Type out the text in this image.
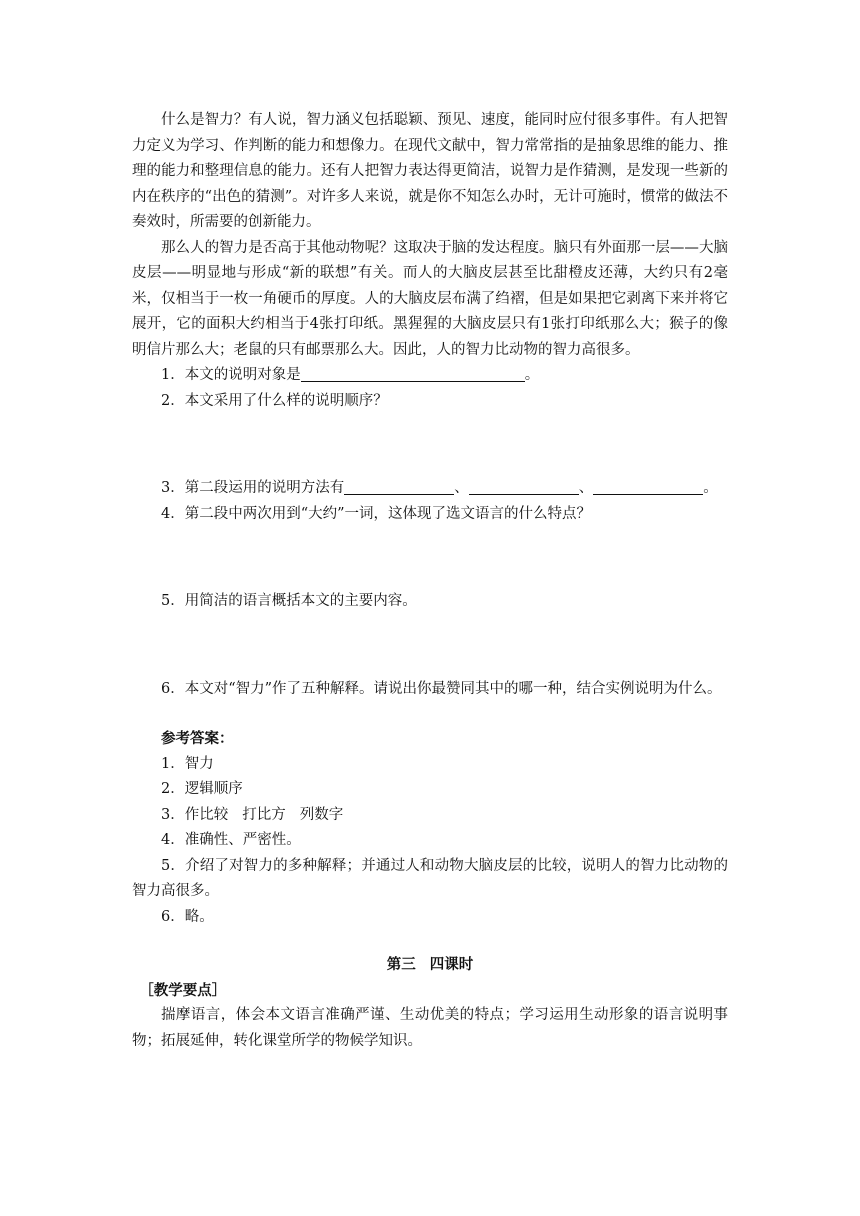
什么是智力？有人说，智力涵义包括聪颖、预见、速度，能同时应付很多事件。有人把智力定义为学习、作判断的能力和想像力。在现代文献中，智力常常指的是抽象思维的能力、推理的能力和整理信息的能力。还有人把智力表达得更简洁，说智力是作猜测，是发现一些新的内在秩序的“出色的猜测”。对许多人来说，就是你不知怎么办时，无计可施时，惯常的做法不奏效时，所需要的创新能力。

那么人的智力是否高于其他动物呢？这取决于脑的发达程度。脑只有外面那一层——大脑皮层——明显地与形成“新的联想”有关。而人的大脑皮层甚至比甜橙皮还薄，大约只有2毫米，仅相当于一枚一角硬币的厚度。人的大脑皮层布满了绉褶，但是如果把它剥离下来并将它展开，它的面积大约相当于4张打印纸。黑猩猩的大脑皮层只有1张打印纸那么大；猴子的像明信片那么大；老鼠的只有邮票那么大。因此，人的智力比动物的智力高很多。

1．本文的说明对象是	。

2．本文采用了什么样的说明顺序？

3．第二段运用的说明方法有	、	、	。

4．第二段中两次用到“大约”一词，这体现了选文语言的什么特点？

5．用简洁的语言概括本文的主要内容。

6．本文对“智力”作了五种解释。请说出你最赞同其中的哪一种，结合实例说明为什么。

参考答案：

1．智力

2．逻辑顺序

3．作比较 打比方 列数字

4．准确性、严密性。

5．介绍了对智力的多种解释；并通过人和动物大脑皮层的比较，说明人的智力比动物的智力高很多。

6．略。

第三 四课时

［教学要点］

揣摩语言，体会本文语言准确严谨、生动优美的特点；学习运用生动形象的语言说明事物；拓展延伸，转化课堂所学的物候学知识。
